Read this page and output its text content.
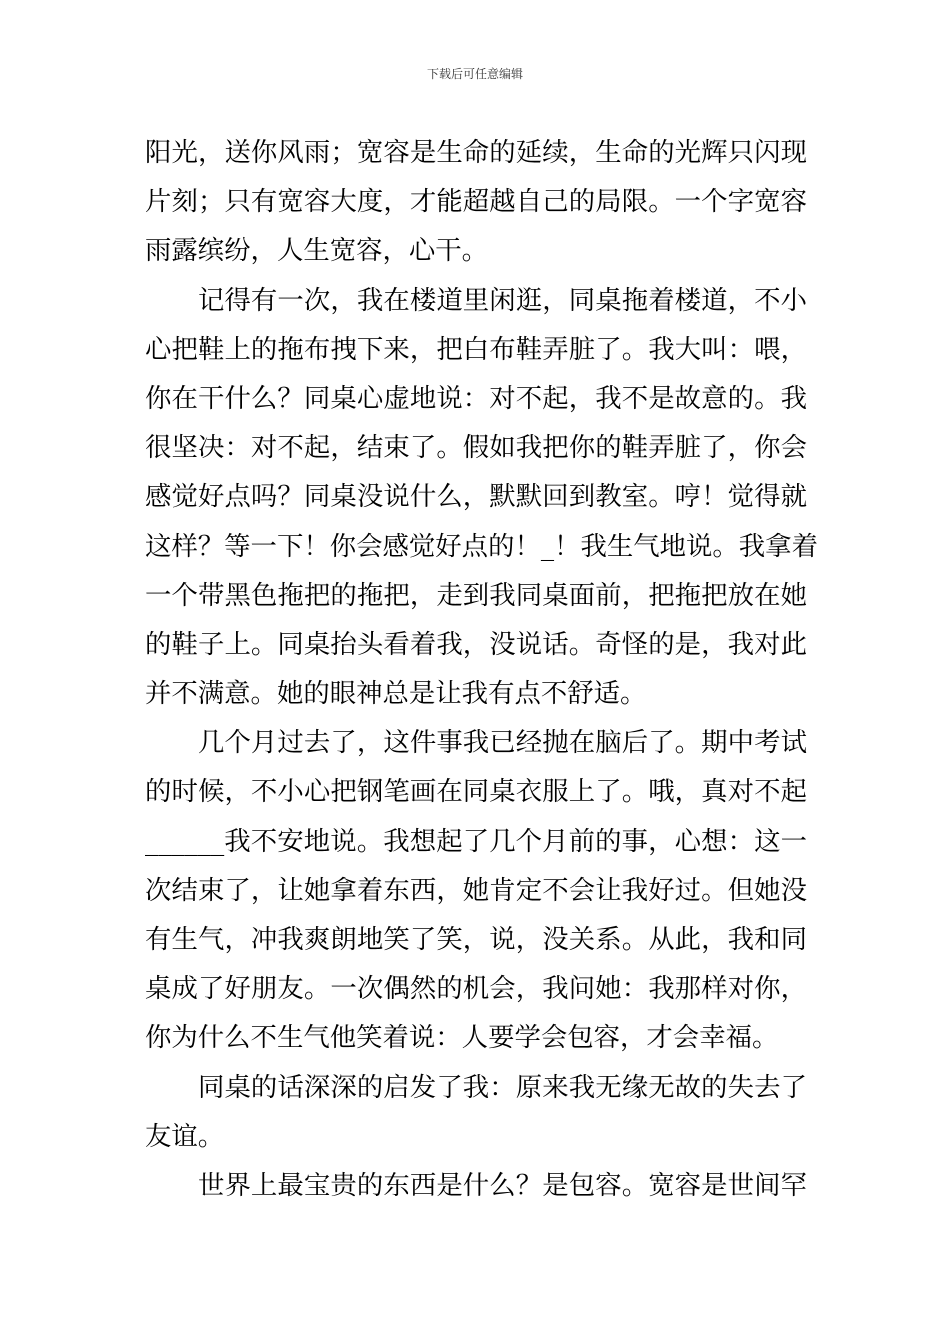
下载后可任意编辑
阳光，送你风雨；宽容是生命的延续，生命的光辉只闪现
片刻；只有宽容大度，才能超越自己的局限。一个字宽容
雨露缤纷，人生宽容，心干。
　　记得有一次，我在楼道里闲逛，同桌拖着楼道，不小
心把鞋上的拖布拽下来，把白布鞋弄脏了。我大叫：喂，
你在干什么？同桌心虚地说：对不起，我不是故意的。我
很坚决：对不起，结束了。假如我把你的鞋弄脏了，你会
感觉好点吗？同桌没说什么，默默回到教室。哼！觉得就
这样？等一下！你会感觉好点的！_！我生气地说。我拿着
一个带黑色拖把的拖把，走到我同桌面前，把拖把放在她
的鞋子上。同桌抬头看着我，没说话。奇怪的是，我对此
并不满意。她的眼神总是让我有点不舒适。
　　几个月过去了，这件事我已经抛在脑后了。期中考试
的时候，不小心把钢笔画在同桌衣服上了。哦，真对不起
______我不安地说。我想起了几个月前的事，心想：这一
次结束了，让她拿着东西，她肯定不会让我好过。但她没
有生气，冲我爽朗地笑了笑，说，没关系。从此，我和同
桌成了好朋友。一次偶然的机会，我问她：我那样对你，
你为什么不生气他笑着说：人要学会包容，才会幸福。
　　同桌的话深深的启发了我：原来我无缘无故的失去了
友谊。
　　世界上最宝贵的东西是什么？是包容。宽容是世间罕
